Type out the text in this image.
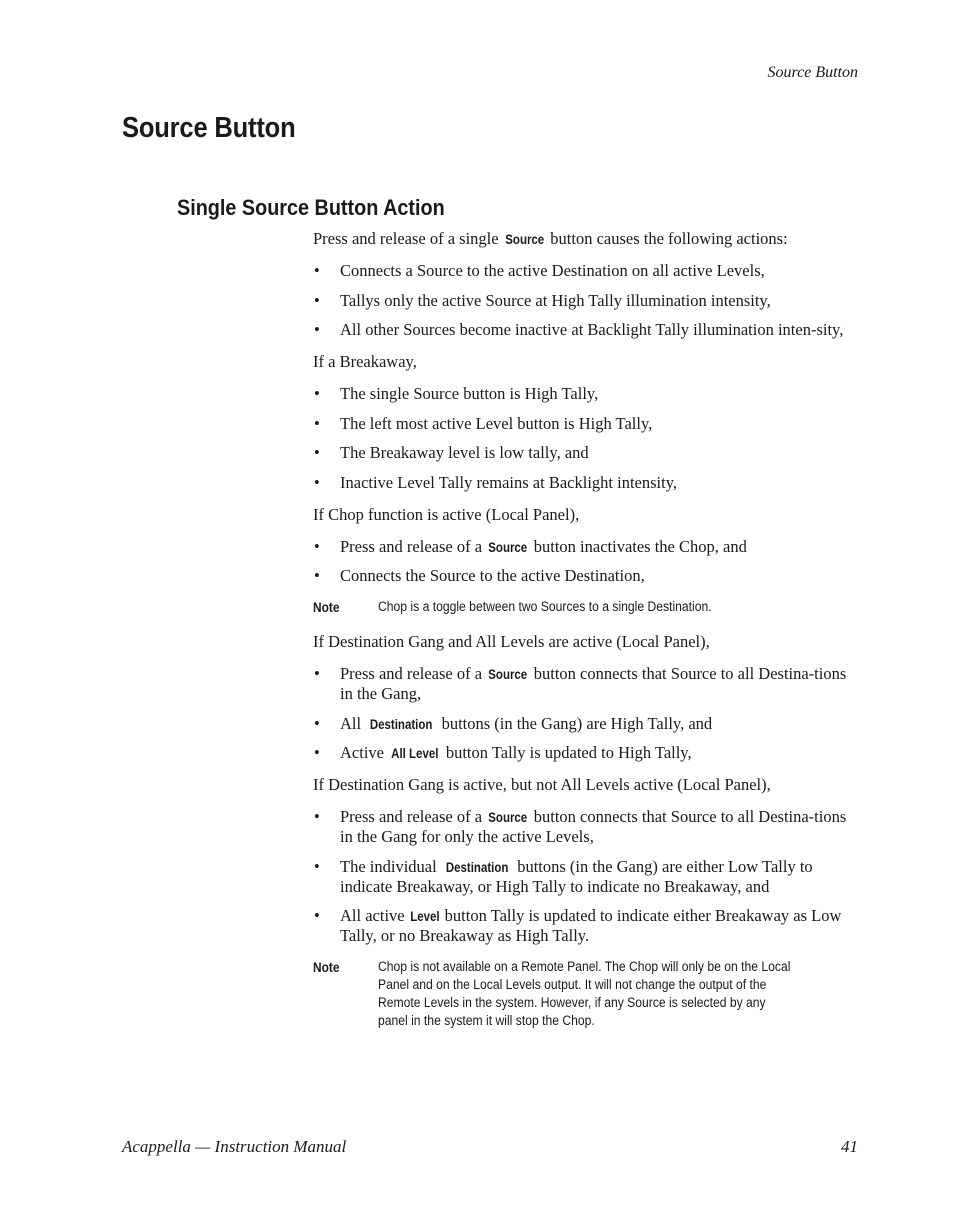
Source Button
Source Button
Single Source Button Action

Press and release of a single Source button causes the following actions:

• Connects a Source to the active Destination on all active Levels,
• Tallys only the active Source at High Tally illumination intensity,
• All other Sources become inactive at Backlight Tally illumination inten-sity,

If a Breakaway,

• The single Source button is High Tally,
• The left most active Level button is High Tally,
• The Breakaway level is low tally, and
• Inactive Level Tally remains at Backlight intensity,

If Chop function is active (Local Panel),

• Press and release of a Source button inactivates the Chop, and
• Connects the Source to the active Destination,
Note	Chop is a toggle between two Sources to a single Destination.

If Destination Gang and All Levels are active (Local Panel),

• Press and release of a Source button connects that Source to all Destina-tions in the Gang,
• All Destination buttons (in the Gang) are High Tally, and
• Active All Level button Tally is updated to High Tally,

If Destination Gang is active, but not All Levels active (Local Panel),

• Press and release of a Source button connects that Source to all Destina-tions in the Gang for only the active Levels,
• The individual Destination buttons (in the Gang) are either Low Tally to indicate Breakaway, or High Tally to indicate no Breakaway, and
• All active Level button Tally is updated to indicate either Breakaway as Low Tally, or no Breakaway as High Tally.
Note	Chop is not available on a Remote Panel. The Chop will only be on the Local Panel and on the Local Levels output. It will not change the output of the Remote Levels in the system. However, if any Source is selected by any panel in the system it will stop the Chop.
Acappella — Instruction Manual	41
